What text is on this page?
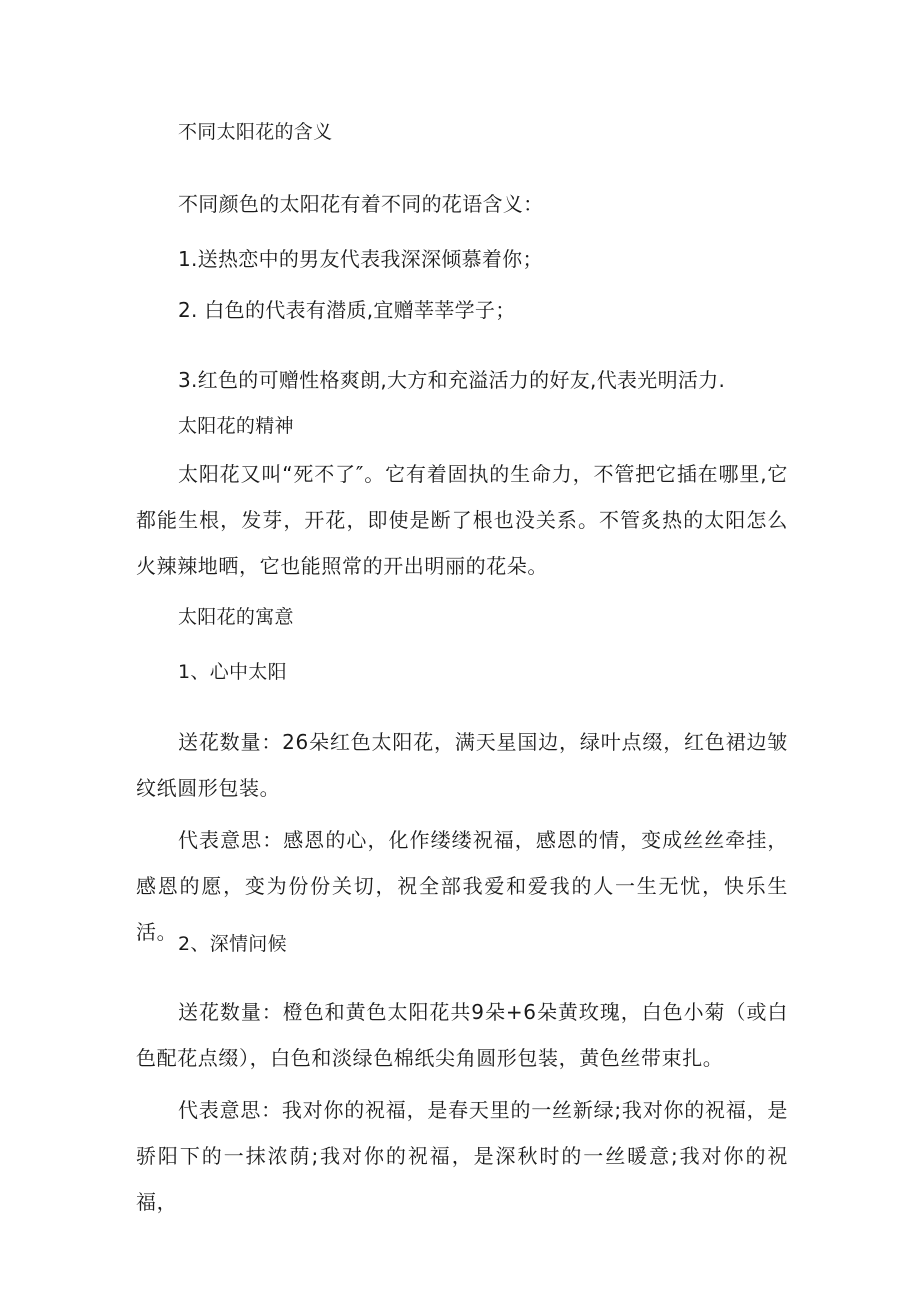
不同太阳花的含义
不同颜色的太阳花有着不同的花语含义：
1.送热恋中的男友代表我深深倾慕着你；
2. 白色的代表有潜质,宜赠莘莘学子；
3.红色的可赠性格爽朗,大方和充溢活力的好友,代表光明活力.
太阳花的精神
太阳花又叫“死不了″。它有着固执的生命力，不管把它插在哪里,它都能生根，发芽，开花，即使是断了根也没关系。不管炙热的太阳怎么火辣辣地晒，它也能照常的开出明丽的花朵。
太阳花的寓意
1、心中太阳
送花数量：26朵红色太阳花，满天星国边，绿叶点缀，红色裙边皱纹纸圆形包装。
代表意思：感恩的心，化作缕缕祝福，感恩的情，变成丝丝牵挂，感恩的愿，变为份份关切，祝全部我爱和爱我的人一生无忧，快乐生活。 2、深情问候
送花数量：橙色和黄色太阳花共9朵+6朵黄玫瑰，白色小菊（或白色配花点缀），白色和淡绿色棉纸尖角圆形包装，黄色丝带束扎。
代表意思：我对你的祝福，是春天里的一丝新绿;我对你的祝福，是骄阳下的一抹浓荫;我对你的祝福，是深秋时的一丝暖意;我对你的祝福，
